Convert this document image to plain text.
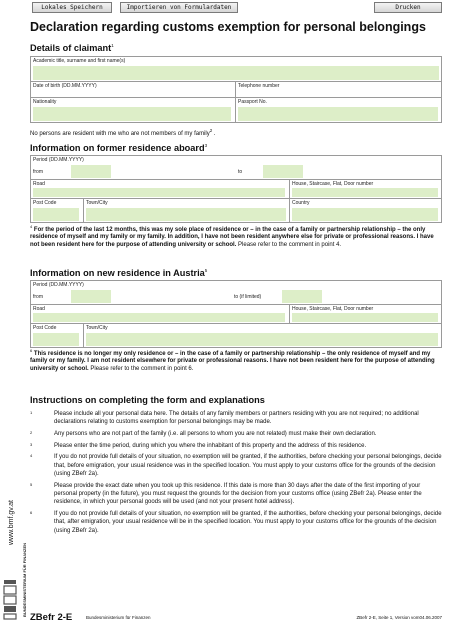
Lokales Speichern	Importieren von Formulardaten	Drucken
www.bmf.gv.at
BUNDESMINISTERIUM FÜR FINANZEN
Declaration regarding customs exemption for personal belongings
Details of claimant$^1$
Academic title, surname and first name(s)
Date of birth (DD.MM.YYYY)	Telephone number
Nationality	Passport No.
No persons are resident with me who are not members of my family$^2$ .
Information on former residence aboard$^3$
Period (DD.MM.YYYY)
from	to
Road	House, Staircase, Flat, Door number
Post Code	Town/City	Country
$^4$ For the period of the last 12 months, this was my sole place of residence or – in the case of a family or partnership relationship – the only residence of myself and my family or my family. In addition, I have not been resident anywhere else for private or professional reasons. I have not been resident here for the purpose of attending university or school. Please refer to the comment in point 4.
Information on new residence in Austria$^5$
Period (DD.MM.YYYY)
from	to (if limited)
Road	House, Staircase, Flat, Door number
Post Code	Town/City
$^6$ This residence is no longer my only residence or – in the case of a family or partnership relationship – the only residence of myself and my family or my family. I am not resident elsewhere for private or professional reasons. I have not been resident here for the purpose of attending university or school. Please refer to the comment in point 6.
Instructions on completing the form and explanations
1	Please include all your personal data here. The details of any family members or partners residing with you are not required; no additional declarations relating to customs exemption for personal belongings may be made.
2	Any persons who are not part of the family (i.e. all persons to whom you are not related) must make their own declaration.
3	Please enter the time period, during which you where the inhabitant of this property and the address of this residence.
4	If you do not provide full details of your situation, no exemption will be granted, if the authorities, before checking your personal belongings, decide that, before emigration, your usual residence was in the specified location. You must apply to your customs office for the grounds of the decision (using ZBefr 2a).
5	Please provide the exact date when you took up this residence. If this date is more than 30 days after the date of the first importing of your personal property (in the future), you must request the grounds for the decision from your customs office (using ZBefr 2a). Please enter the residence, in which your personal goods will be used (and not your present hotel address).
6	If you do not provide full details of your situation, no exemption will be granted, if the authorities, before checking your personal belongings, decide that, after emigration, your usual residence will be in the specified location. You must apply to your customs office for the grounds of the decision (using ZBefr 2a).
ZBefr 2-E	Bundesministerium für Finanzen	ZBefr 2-E, Seite 1, Version vom04.06.2007
